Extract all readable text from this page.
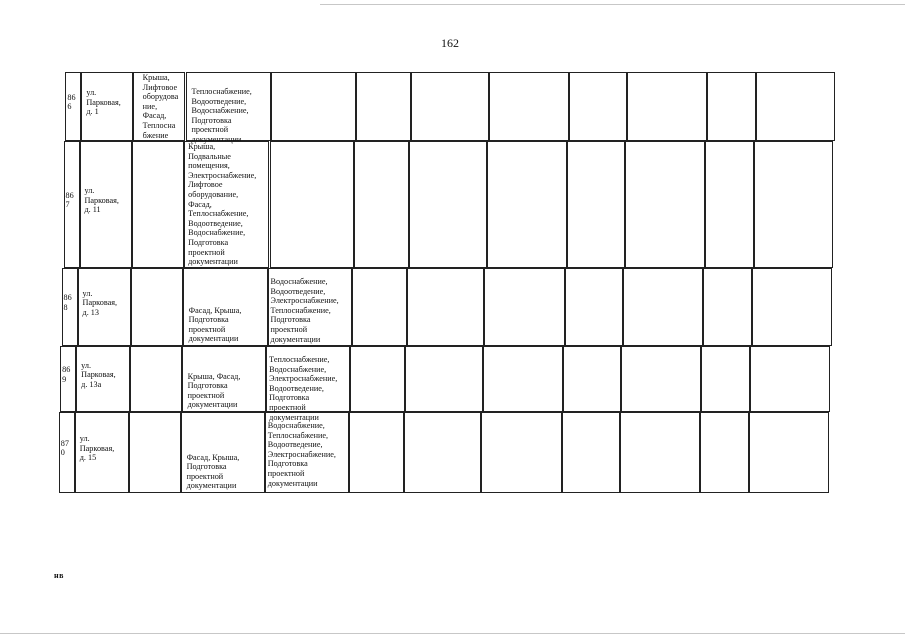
162
86
6
ул.
Парковая,
д. 1
Крыша,
Лифтовое
оборудова
ние,
Фасад,
Теплосна
бжение
Теплоснабжение,
Водоотведение,
Водоснабжение,
Подготовка
проектной
документации
86
7
ул.
Парковая,
д. 11
Крыша,
Подвальные
помещения,
Электроснабжение,
Лифтовое
оборудование,
Фасад,
Теплоснабжение,
Водоотведение,
Водоснабжение,
Подготовка
проектной
документации
86
8
ул.
Парковая,
д. 13	Фасад, Крыша,
Подготовка
проектной
документации
Водоснабжение,
Водоотведение,
Электроснабжение,
Теплоснабжение,
Подготовка
проектной
документации
86
9
ул.
Парковая,
д. 13а
Крыша, Фасад,
Подготовка
проектной
документации
Теплоснабжение,
Водоснабжение,
Электроснабжение,
Водоотведение,
Подготовка
проектной
документации
87
0
ул.
Парковая,
д. 15	Фасад, Крыша,
Подготовка
проектной
документации
Водоснабжение,
Теплоснабжение,
Водоотведение,
Электроснабжение,
Подготовка
проектной
документации
нв
